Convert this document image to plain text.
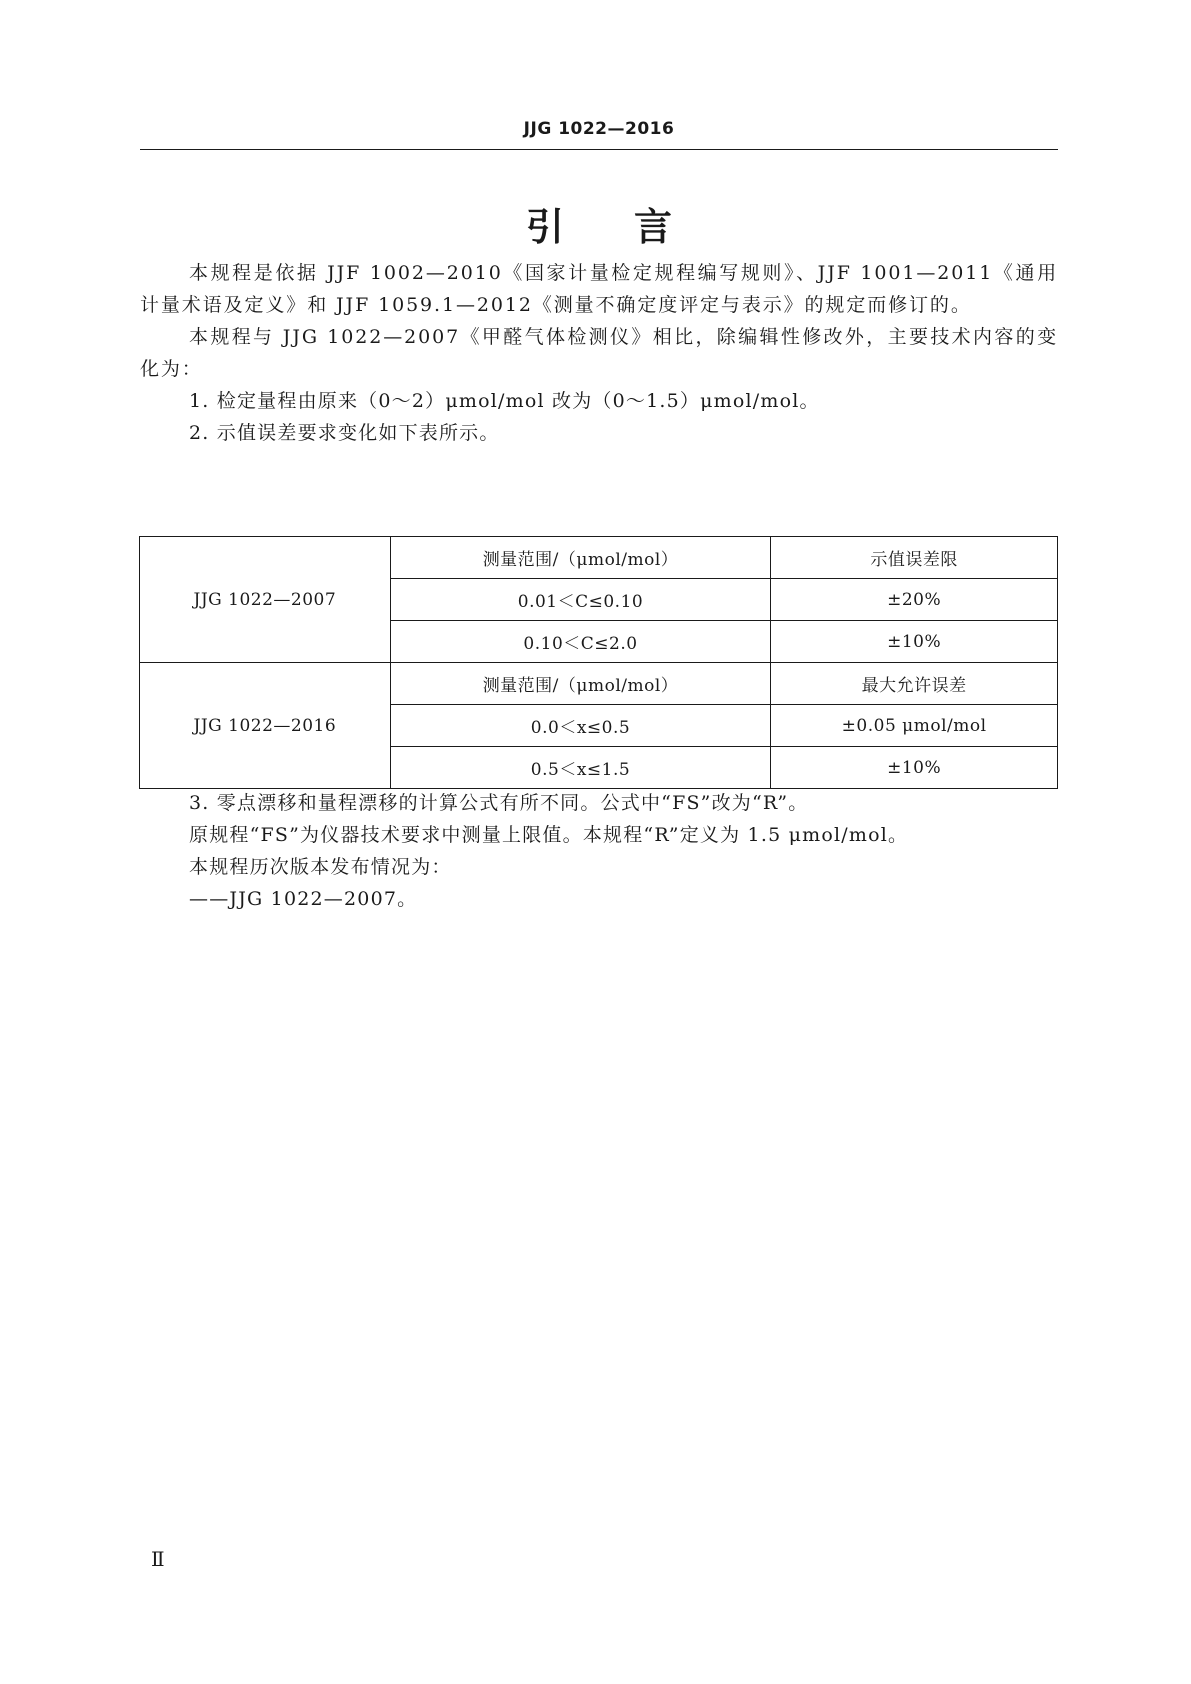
JJG 1022—2016
引言

本规程是依据 JJF 1002—2010《国家计量检定规程编写规则》、JJF 1001—2011《通用计量术语及定义》和 JJF 1059.1—2012《测量不确定度评定与表示》的规定而修订的。

本规程与 JJG 1022—2007《甲醛气体检测仪》相比，除编辑性修改外，主要技术内容的变化为：

1. 检定量程由原来（0～2）μmol/mol 改为（0～1.5）μmol/mol。

2. 示值误差要求变化如下表所示。

JJG 1022—2007	测量范围/（μmol/mol）	示值误差限
	0.01＜C≤0.10	±20%
	0.10＜C≤2.0	±10%
JJG 1022—2016	测量范围/（μmol/mol）	最大允许误差
	0.0＜x≤0.5	±0.05 μmol/mol
	0.5＜x≤1.5	±10%

3. 零点漂移和量程漂移的计算公式有所不同。公式中“FS”改为“R”。

原规程“FS”为仪器技术要求中测量上限值。本规程“R”定义为 1.5 μmol/mol。

本规程历次版本发布情况为：

——JJG 1022—2007。

Ⅱ
